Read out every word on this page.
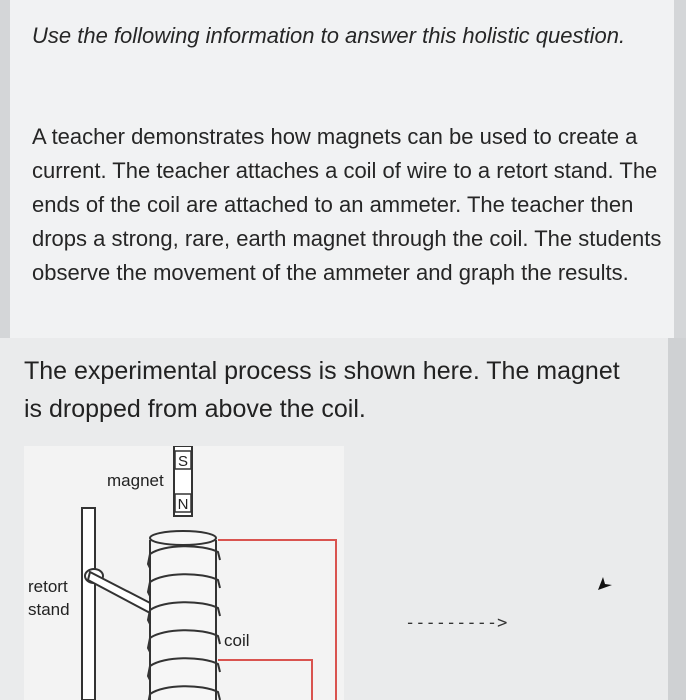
Use the following information to answer this holistic question.
A teacher demonstrates how magnets can be used to create a current. The teacher attaches a coil of wire to a retort stand. The ends of the coil are attached to an ammeter. The teacher then drops a strong, rare, earth magnet through the coil. The students observe the movement of the ammeter and graph the results.
The experimental process is shown here. The magnet is dropped from above the coil.
S
N
magnet
retort
stand
coil
--------->
